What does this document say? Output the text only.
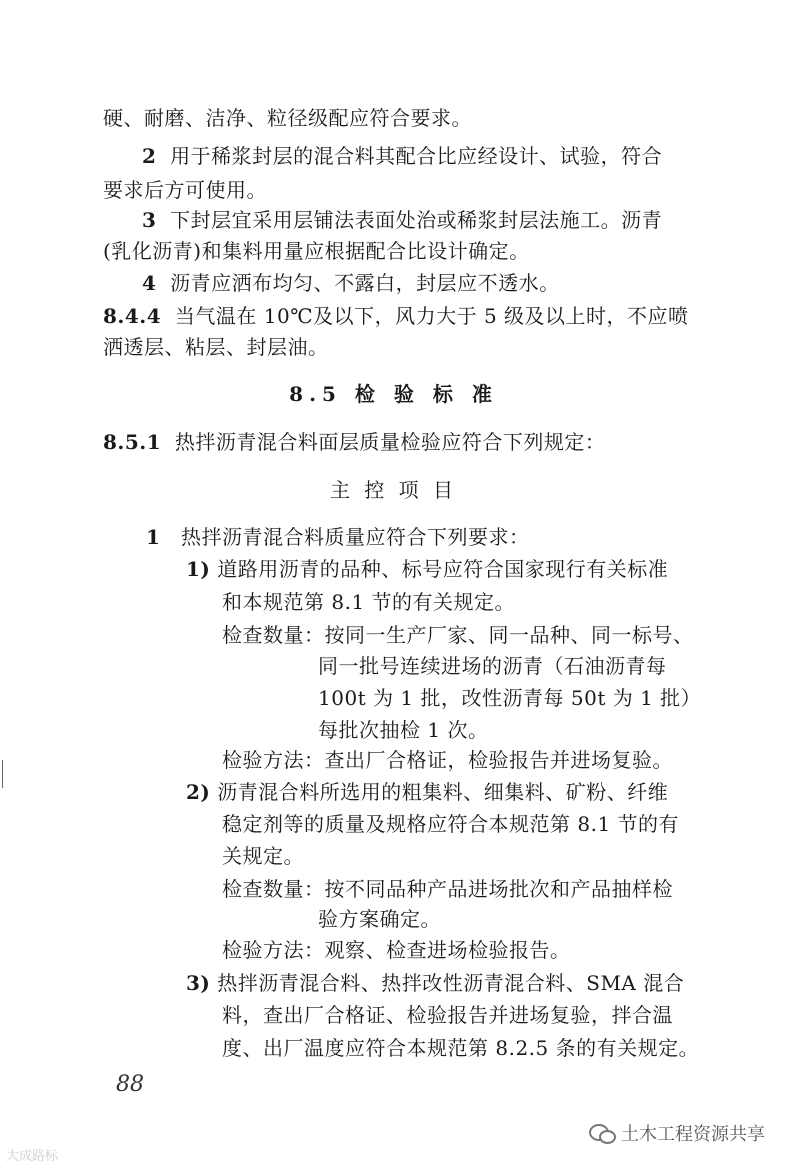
硬、耐磨、洁净、粒径级配应符合要求。
2 用于稀浆封层的混合料其配合比应经设计、试验，符合
要求后方可使用。
3 下封层宜采用层铺法表面处治或稀浆封层法施工。沥青
(乳化沥青)和集料用量应根据配合比设计确定。
4 沥青应洒布均匀、不露白，封层应不透水。
8.4.4 当气温在 10℃及以下，风力大于 5 级及以上时，不应喷
洒透层、粘层、封层油。
8.5 检 验 标 准
8.5.1 热拌沥青混合料面层质量检验应符合下列规定：
主 控 项 目
1 热拌沥青混合料质量应符合下列要求：
1) 道路用沥青的品种、标号应符合国家现行有关标准
和本规范第 8.1 节的有关规定。
检查数量：按同一生产厂家、同一品种、同一标号、
同一批号连续进场的沥青（石油沥青每
100t 为 1 批，改性沥青每 50t 为 1 批）
每批次抽检 1 次。
检验方法：查出厂合格证，检验报告并进场复验。
2) 沥青混合料所选用的粗集料、细集料、矿粉、纤维
稳定剂等的质量及规格应符合本规范第 8.1 节的有
关规定。
检查数量：按不同品种产品进场批次和产品抽样检
验方案确定。
检验方法：观察、检查进场检验报告。
3) 热拌沥青混合料、热拌改性沥青混合料、SMA 混合
料，查出厂合格证、检验报告并进场复验，拌合温
度、出厂温度应符合本规范第 8.2.5 条的有关规定。
88
大成路标
土木工程资源共享
